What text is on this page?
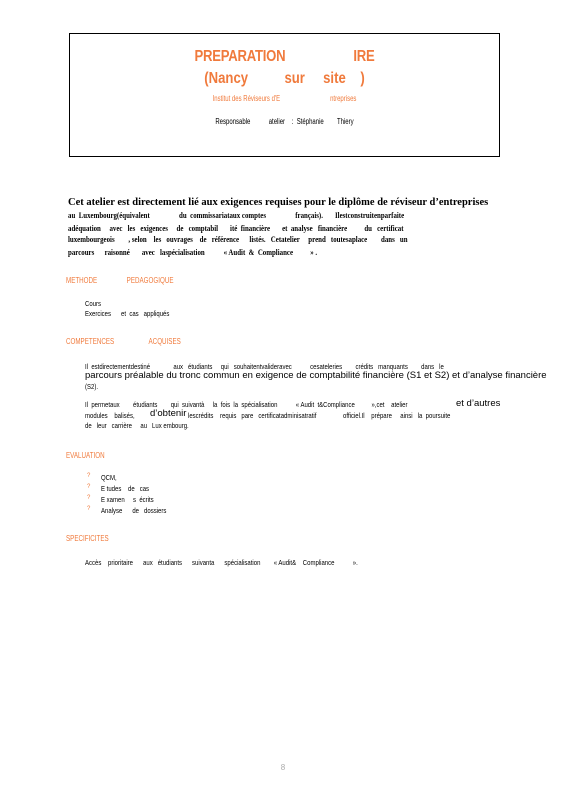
PREPARATION                    IRE
(Nancy          sur     site    )
Institut des Réviseurs d'E                              ntreprises
Responsable           atelier    :  Stéphanie        Thiery
Cet atelier est directement lié aux exigences requises pour le diplôme de réviseur d’entreprises
au  Luxembourg(équivalent                 du  commissariataux comptes                 français).       Ilestconstruitenparfaite
adéquation     avec   les   exigences     de   comptabil       ité  financière       et  analyse   financière          du   certificat
luxembourgeois        , selon    les   ouvrages    de   référence      listés.   Cetatelier     prend   toutesaplace        dans   un
parcours      raisonné       avec   laspécialisation           « Audit  &  Compliance          » .
METHODE                 PEDAGOGIQUE
Cours
Exercices      et  cas   appliqués
COMPETENCES                    ACQUISES
Il  estdirectementdestiné              aux   étudiants     qui   souhaitentvalideravec           cesateleries        crédits   manquants        dans   le
parcours préalable du tronc commun en exigence de comptabilité financière (S1 et S2) et d’analyse financière
(S2).
Il  permetaux        étudiants        qui  suivantà     la  fois  la  spécialisation           « Audit  t&Compliance          »,cet    atelier	et d’autres
modules    balisés, d’obtenir lescrédits    requis   pare   certificatadminisatratif                officiel.Il    prépare     ainsi   la  poursuite
de   leur   carrière     au   Lux embourg.
EVALUATION
? QCM,
? E tudes    de   cas
? E xamen     s  écrits
? Analyse      de   dossiers
SPECIFICITES
Accès    prioritaire      aux   étudiants      suivanta      spécialisation        « Audit&    Compliance           ».
8
